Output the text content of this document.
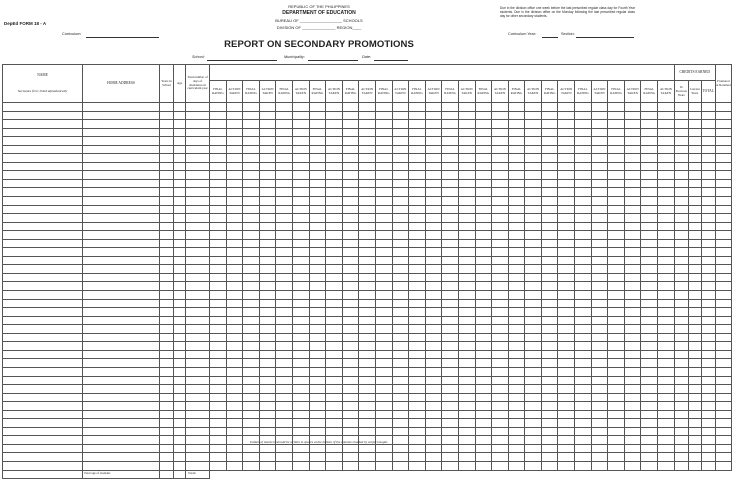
REPUBLIC OF THE PHILIPPINES
DEPARTMENT OF EDUCATION
BUREAU OF ___________________ SCHOOLS
DIVISION OF _______________ REGION____
DepEd FORM 18 - A
Due in the division office one week before the last prescribed regular class day for Fourth Year students. Due in the division office on the Monday following the last prescribed regular class day for other secondary students.
Curriculum:	Curriculum Year:	Section:
REPORT ON SECONDARY PROMOTIONS
School:	Municipality:	Date:
NAME
Surnames first; listed alphabetically	HOME ADDRESS	Years in School	Age	Total number of days of attendance in curriculum year																													CREDITS EARNED			Promoted or Retained
					FINAL RATING	ACTION TAKEN	FINAL RATING	ACTION TAKEN	FINAL RATING	ACTION TAKEN	FINAL RATING	ACTION TAKEN	FINAL RATING	ACTION TAKEN	FINAL RATING	ACTION TAKEN	FINAL RATING	ACTION TAKEN	FINAL RATING	ACTION TAKEN	FINAL RATING	ACTION TAKEN	FINAL RATING	ACTION TAKEN	FINAL RATING	ACTION TAKEN	FINAL RATING	ACTION TAKEN	FINAL RATING	ACTION TAKEN	FINAL RATING	ACTION TAKEN	In Previous Years	Current Years	TOTAL	

	Total age of students			Totals																																
Initials of teachers should be written in spaces at the bottom of the columns headed by subject taught.
